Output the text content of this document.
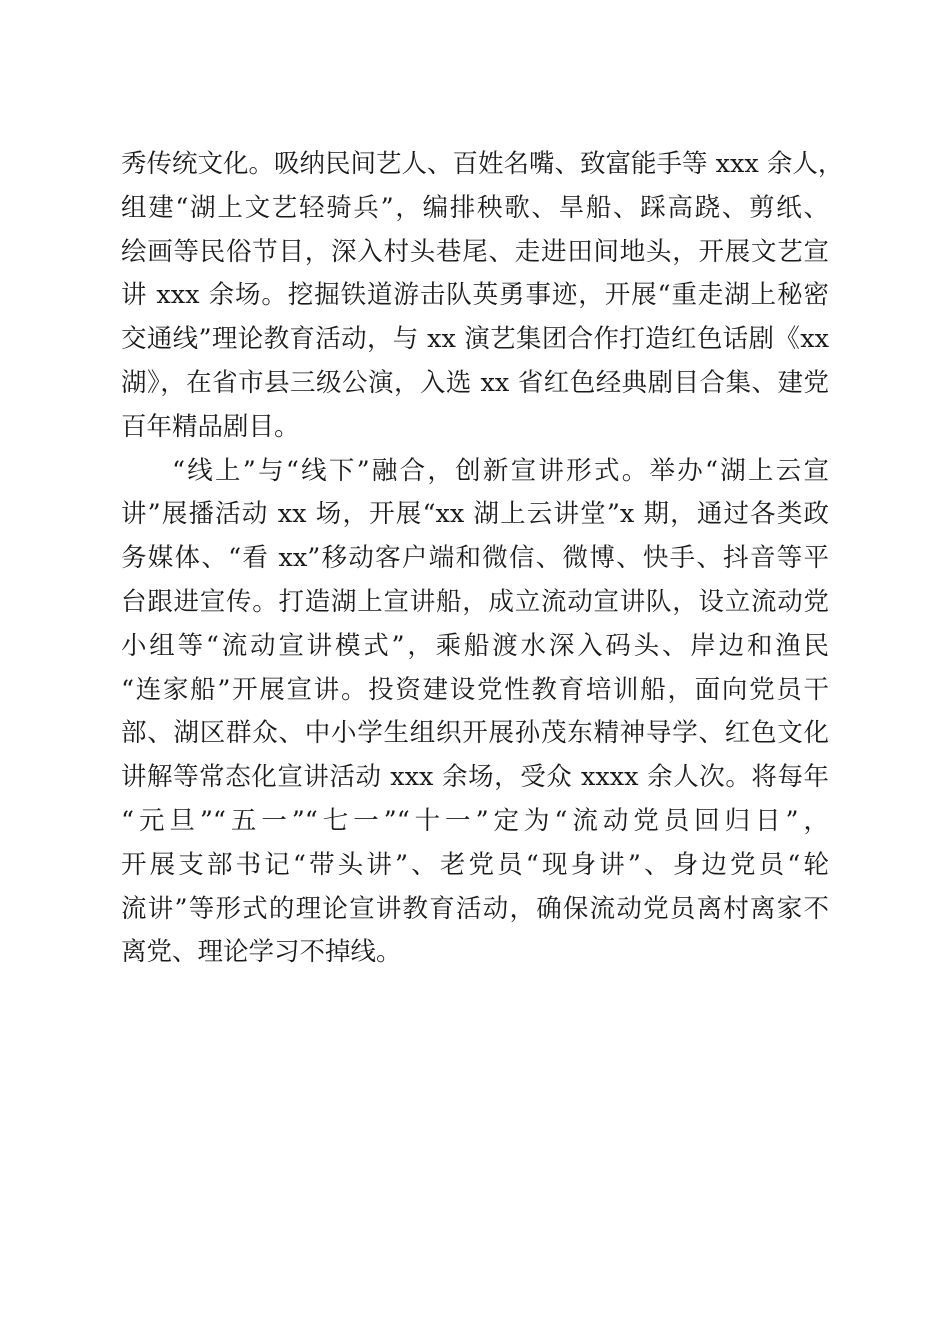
秀传统文化。吸纳民间艺人、百姓名嘴、致富能手等 xxx 余人，
组建“湖上文艺轻骑兵”，编排秧歌、旱船、踩高跷、剪纸、
绘画等民俗节目，深入村头巷尾、走进田间地头，开展文艺宣
讲 xxx 余场。挖掘铁道游击队英勇事迹，开展“重走湖上秘密
交通线”理论教育活动，与 xx 演艺集团合作打造红色话剧《xx
湖》，在省市县三级公演，入选 xx 省红色经典剧目合集、建党
百年精品剧目。
“线上”与“线下”融合，创新宣讲形式。举办“湖上云宣
讲”展播活动 xx 场，开展“xx 湖上云讲堂”x 期，通过各类政
务媒体、“看 xx”移动客户端和微信、微博、快手、抖音等平
台跟进宣传。打造湖上宣讲船，成立流动宣讲队，设立流动党
小组等“流动宣讲模式”，乘船渡水深入码头、岸边和渔民
“连家船”开展宣讲。投资建设党性教育培训船，面向党员干
部、湖区群众、中小学生组织开展孙茂东精神导学、红色文化
讲解等常态化宣讲活动 xxx 余场，受众 xxxx 余人次。将每年
“元旦”“五一”“七一”“十一”定为“流动党员回归日”，
开展支部书记“带头讲”、老党员“现身讲”、身边党员“轮
流讲”等形式的理论宣讲教育活动，确保流动党员离村离家不
离党、理论学习不掉线。
